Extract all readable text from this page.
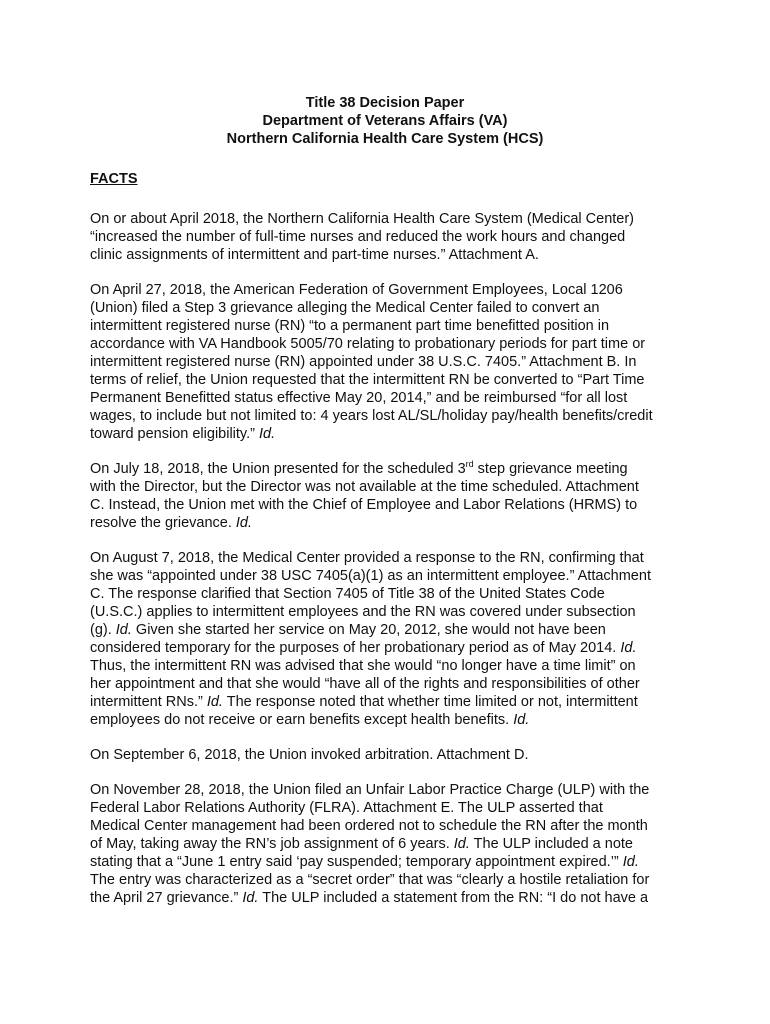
Title 38 Decision Paper
Department of Veterans Affairs (VA)
Northern California Health Care System (HCS)
FACTS
On or about April 2018, the Northern California Health Care System (Medical Center)
“increased the number of full-time nurses and reduced the work hours and changed
clinic assignments of intermittent and part-time nurses.” Attachment A.
On April 27, 2018, the American Federation of Government Employees, Local 1206
(Union) filed a Step 3 grievance alleging the Medical Center failed to convert an
intermittent registered nurse (RN) “to a permanent part time benefitted position in
accordance with VA Handbook 5005/70 relating to probationary periods for part time or
intermittent registered nurse (RN) appointed under 38 U.S.C. 7405.” Attachment B. In
terms of relief, the Union requested that the intermittent RN be converted to “Part Time
Permanent Benefitted status effective May 20, 2014,” and be reimbursed “for all lost
wages, to include but not limited to: 4 years lost AL/SL/holiday pay/health benefits/credit
toward pension eligibility.” Id.
On July 18, 2018, the Union presented for the scheduled 3rd step grievance meeting
with the Director, but the Director was not available at the time scheduled. Attachment
C. Instead, the Union met with the Chief of Employee and Labor Relations (HRMS) to
resolve the grievance. Id.
On August 7, 2018, the Medical Center provided a response to the RN, confirming that
she was “appointed under 38 USC 7405(a)(1) as an intermittent employee.” Attachment
C. The response clarified that Section 7405 of Title 38 of the United States Code
(U.S.C.) applies to intermittent employees and the RN was covered under subsection
(g). Id. Given she started her service on May 20, 2012, she would not have been
considered temporary for the purposes of her probationary period as of May 2014. Id.
Thus, the intermittent RN was advised that she would “no longer have a time limit” on
her appointment and that she would “have all of the rights and responsibilities of other
intermittent RNs.” Id. The response noted that whether time limited or not, intermittent
employees do not receive or earn benefits except health benefits. Id.
On September 6, 2018, the Union invoked arbitration. Attachment D.
On November 28, 2018, the Union filed an Unfair Labor Practice Charge (ULP) with the
Federal Labor Relations Authority (FLRA). Attachment E. The ULP asserted that
Medical Center management had been ordered not to schedule the RN after the month
of May, taking away the RN’s job assignment of 6 years. Id. The ULP included a note
stating that a “June 1 entry said ‘pay suspended; temporary appointment expired.’” Id.
The entry was characterized as a “secret order” that was “clearly a hostile retaliation for
the April 27 grievance.” Id. The ULP included a statement from the RN: “I do not have a
